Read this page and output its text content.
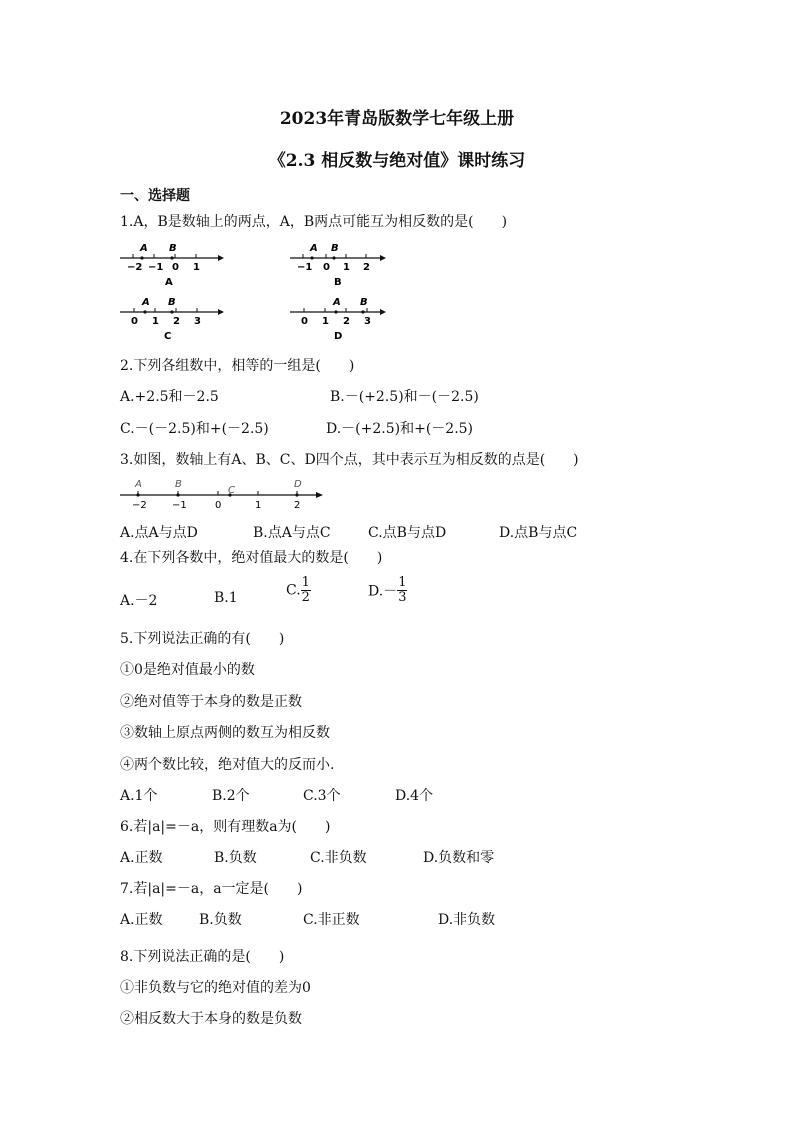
2023年青岛版数学七年级上册
《2.3 相反数与绝对值》课时练习
一、选择题
1.A，B是数轴上的两点，A，B两点可能互为相反数的是(　　)
A B
−2 −1 0 1
A
A B
−1 0 1 2
B
A B
0 1 2 3
C
A B
0 1 2 3
D
2.下列各组数中，相等的一组是(　　)
A.+2.5和－2.5	B.－(+2.5)和－(－2.5)
C.－(－2.5)和+(－2.5)	D.－(+2.5)和+(－2.5)
3.如图，数轴上有A、B、C、D四个点，其中表示互为相反数的点是(　　)
A	B
C
D
−2	−1	0	1	2
A.点A与点D	B.点A与点C	C.点B与点D	D.点B与点C
4.在下列各数中，绝对值最大的数是(　　)
A.－2	B.1	C. $\frac{1}{2}$	$D.- \frac{1}{3}$
5.下列说法正确的有(　　)
①0是绝对值最小的数
②绝对值等于本身的数是正数
③数轴上原点两侧的数互为相反数
④两个数比较，绝对值大的反而小.
A.1个	B.2个	C.3个	D.4个
6.若|a|=－a，则有理数a为(　　)
A.正数	B.负数	C.非负数	D.负数和零
7.若|a|=－a，a一定是(　　)
A.正数	B.负数	C.非正数	D.非负数
8.下列说法正确的是(　　)
①非负数与它的绝对值的差为0
②相反数大于本身的数是负数
